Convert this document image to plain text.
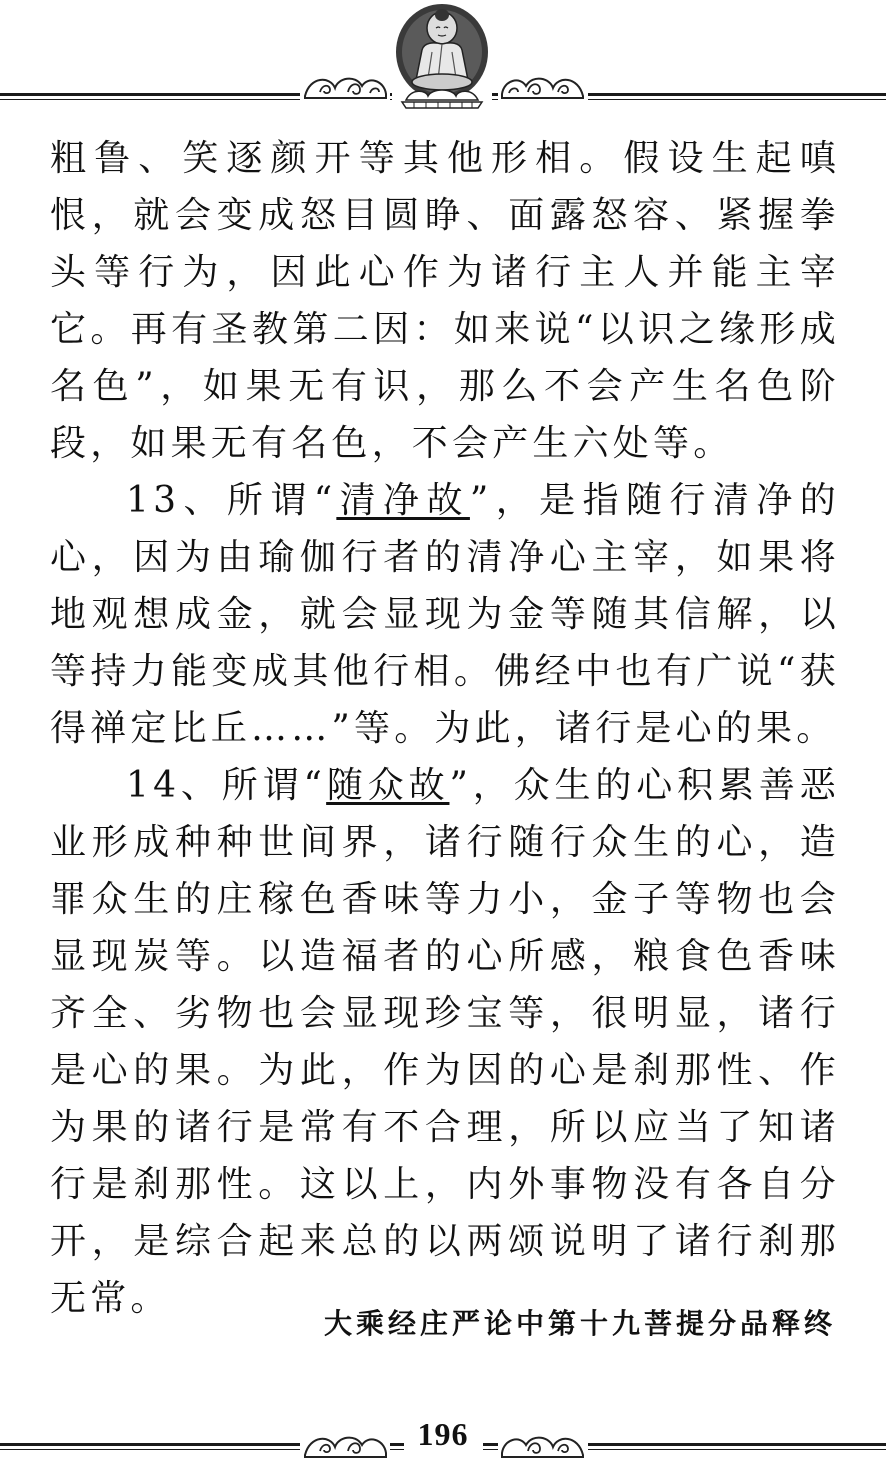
粗鲁、笑逐颜开等其他形相。假设生起嗔恨，就会变成怒目圆睁、面露怒容、紧握拳头等行为，因此心作为诸行主人并能主宰它。再有圣教第二因：如来说“以识之缘形成名色”，如果无有识，那么不会产生名色阶段，如果无有名色，不会产生六处等。

13、所谓“清净故”，是指随行清净的心，因为由瑜伽行者的清净心主宰，如果将地观想成金，就会显现为金等随其信解，以等持力能变成其他行相。佛经中也有广说“获得禅定比丘……”等。为此，诸行是心的果。

14、所谓“随众故”，众生的心积累善恶业形成种种世间界，诸行随行众生的心，造罪众生的庄稼色香味等力小，金子等物也会显现炭等。以造福者的心所感，粮食色香味齐全、劣物也会显现珍宝等，很明显，诸行是心的果。为此，作为因的心是刹那性、作为果的诸行是常有不合理，所以应当了知诸行是刹那性。这以上，内外事物没有各自分开，是综合起来总的以两颂说明了诸行刹那无常。

大乘经庄严论中第十九菩提分品释终
196
